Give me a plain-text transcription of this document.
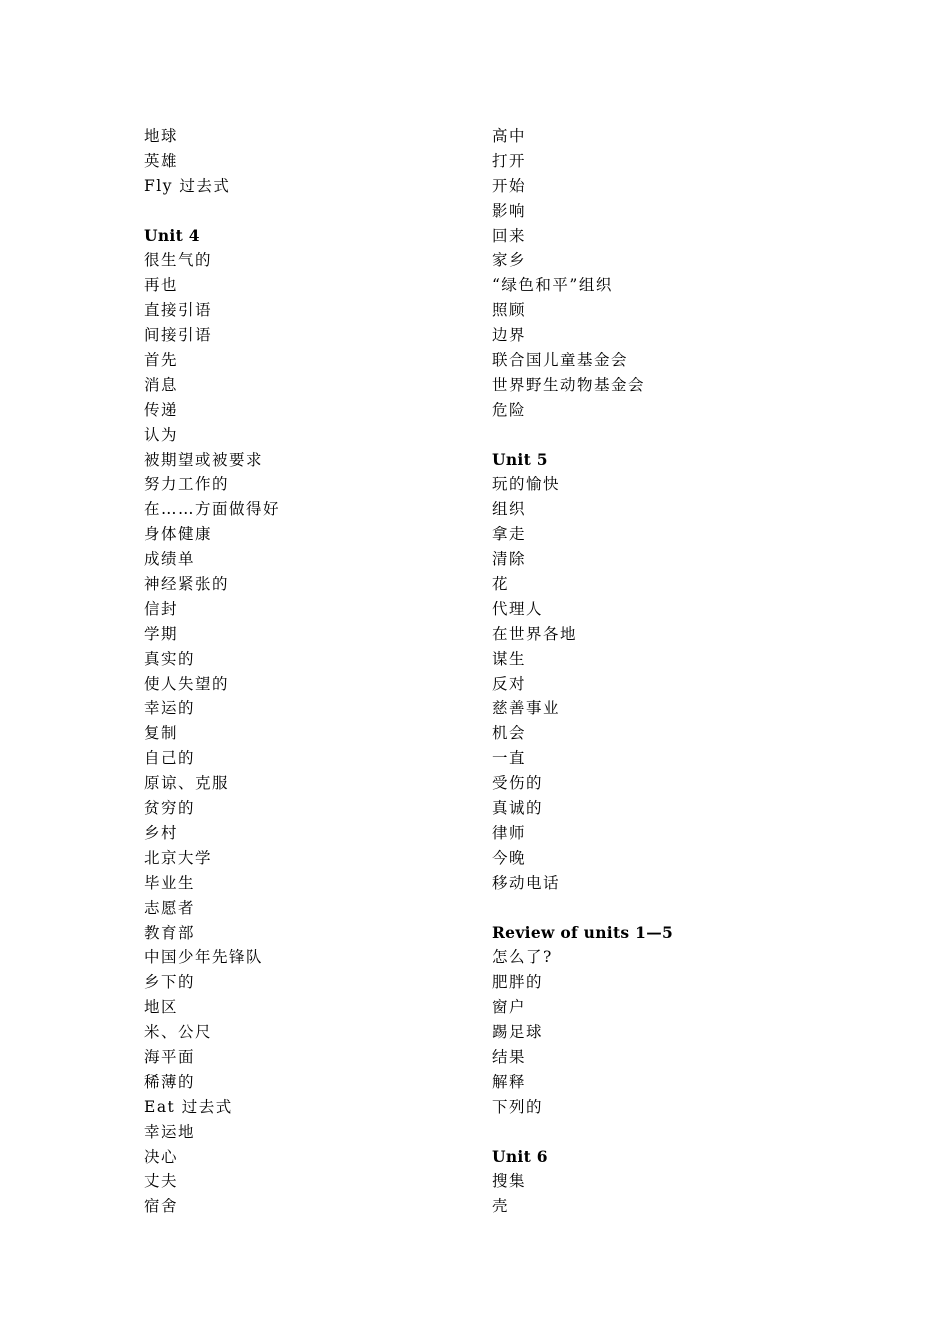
地球
英雄
Fly 过去式
Unit 4
很生气的
再也
直接引语
间接引语
首先
消息
传递
认为
被期望或被要求
努力工作的
在……方面做得好
身体健康
成绩单
神经紧张的
信封
学期
真实的
使人失望的
幸运的
复制
自己的
原谅、克服
贫穷的
乡村
北京大学
毕业生
志愿者
教育部
中国少年先锋队
乡下的
地区
米、公尺
海平面
稀薄的
Eat 过去式
幸运地
决心
丈夫
宿舍
高中
打开
开始
影响
回来
家乡
“绿色和平”组织
照顾
边界
联合国儿童基金会
世界野生动物基金会
危险
Unit 5
玩的愉快
组织
拿走
清除
花
代理人
在世界各地
谋生
反对
慈善事业
机会
一直
受伤的
真诚的
律师
今晚
移动电话
Review of units 1—5
怎么了?
肥胖的
窗户
踢足球
结果
解释
下列的
Unit 6
搜集
壳
